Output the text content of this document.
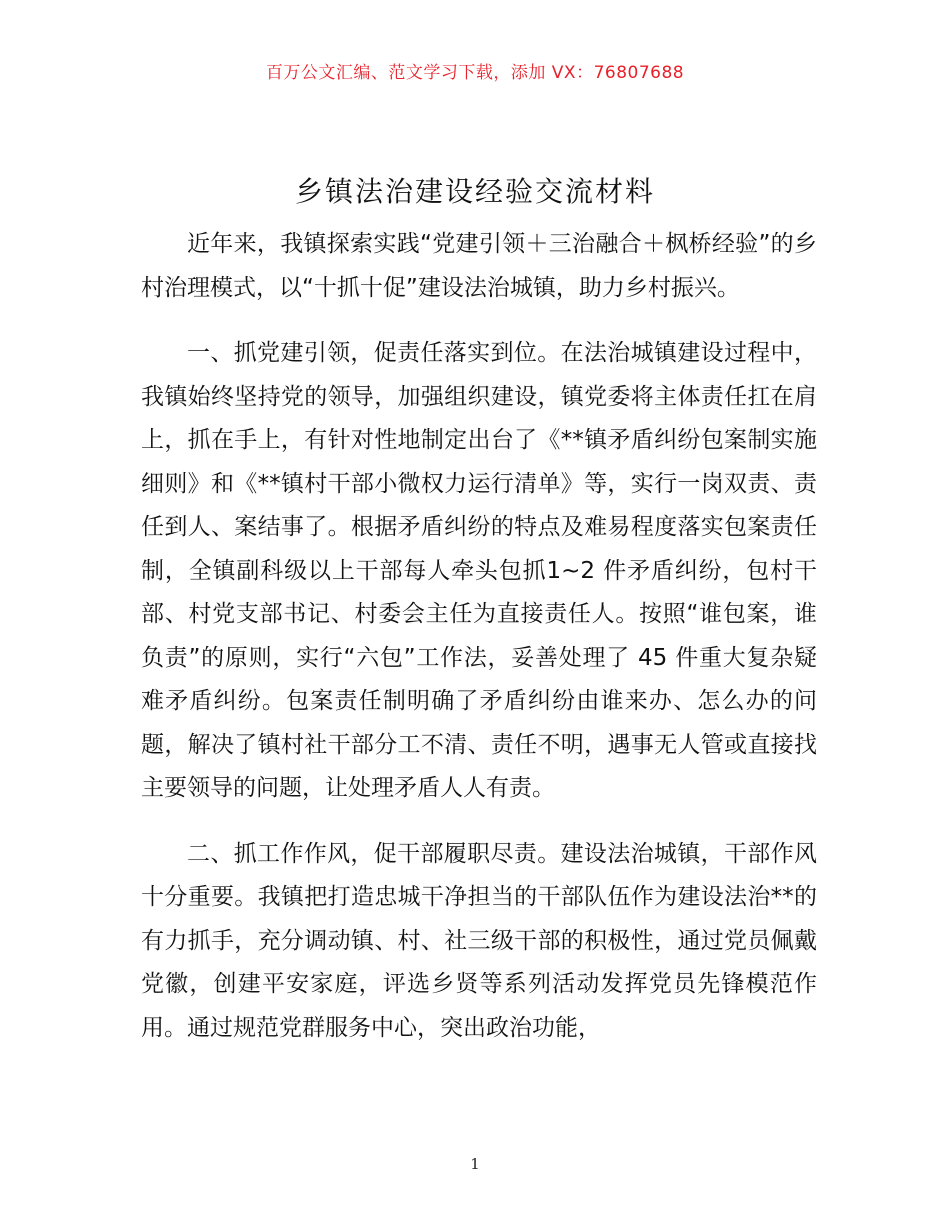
百万公文汇编、范文学习下载，添加 VX：76807688
乡镇法治建设经验交流材料

近年来，我镇探索实践“党建引领＋三治融合＋枫桥经验”的乡村治理模式，以“十抓十促”建设法治城镇，助力乡村振兴。

一、抓党建引领，促责任落实到位。在法治城镇建设过程中，我镇始终坚持党的领导，加强组织建设，镇党委将主体责任扛在肩上，抓在手上，有针对性地制定出台了《**镇矛盾纠纷包案制实施细则》和《**镇村干部小微权力运行清单》等，实行一岗双责、责任到人、案结事了。根据矛盾纠纷的特点及难易程度落实包案责任制，全镇副科级以上干部每人牵头包抓1~2 件矛盾纠纷，包村干部、村党支部书记、村委会主任为直接责任人。按照“谁包案，谁负责”的原则，实行“六包”工作法，妥善处理了 45 件重大复杂疑难矛盾纠纷。包案责任制明确了矛盾纠纷由谁来办、怎么办的问题，解决了镇村社干部分工不清、责任不明，遇事无人管或直接找主要领导的问题，让处理矛盾人人有责。

二、抓工作作风，促干部履职尽责。建设法治城镇，干部作风十分重要。我镇把打造忠城干净担当的干部队伍作为建设法治**的有力抓手，充分调动镇、村、社三级干部的积极性，通过党员佩戴党徽，创建平安家庭，评选乡贤等系列活动发挥党员先锋模范作用。通过规范党群服务中心，突出政治功能，

1
